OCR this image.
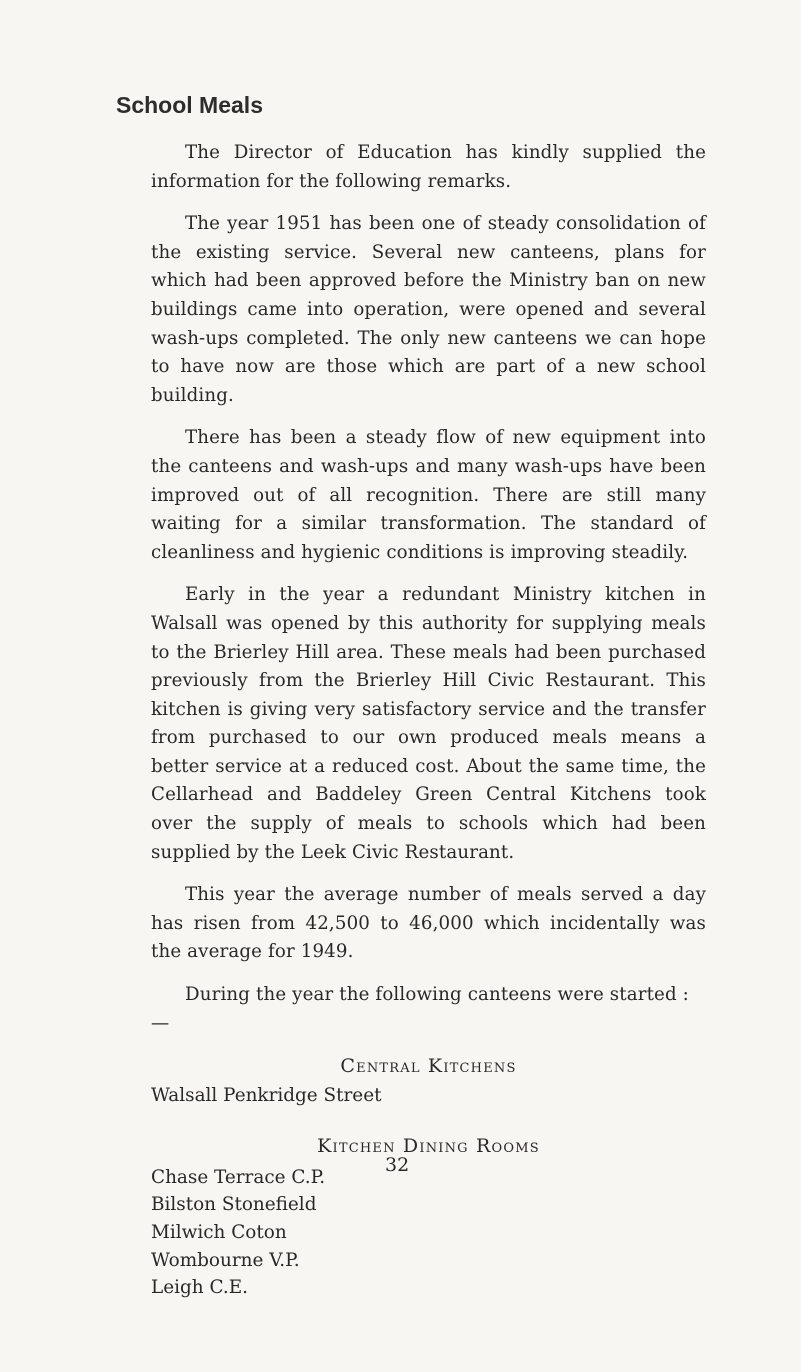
School Meals

The Director of Education has kindly supplied the information for the following remarks.

The year 1951 has been one of steady consolidation of the existing service. Several new canteens, plans for which had been approved before the Ministry ban on new buildings came into operation, were opened and several wash-ups completed. The only new canteens we can hope to have now are those which are part of a new school building.

There has been a steady flow of new equipment into the canteens and wash-ups and many wash-ups have been improved out of all recognition. There are still many waiting for a similar transformation. The standard of cleanliness and hygienic conditions is improving steadily.

Early in the year a redundant Ministry kitchen in Walsall was opened by this authority for supplying meals to the Brierley Hill area. These meals had been purchased previously from the Brierley Hill Civic Restaurant. This kitchen is giving very satisfactory service and the transfer from purchased to our own produced meals means a better service at a reduced cost. About the same time, the Cellarhead and Baddeley Green Central Kitchens took over the supply of meals to schools which had been supplied by the Leek Civic Restaurant.

This year the average number of meals served a day has risen from 42,500 to 46,000 which incidentally was the average for 1949.

During the year the following canteens were started :—

Central Kitchens
Walsall Penkridge Street
Kitchen Dining Rooms
Chase Terrace C.P.
Bilston Stonefield
Milwich Coton
Wombourne V.P.
Leigh C.E.

32
